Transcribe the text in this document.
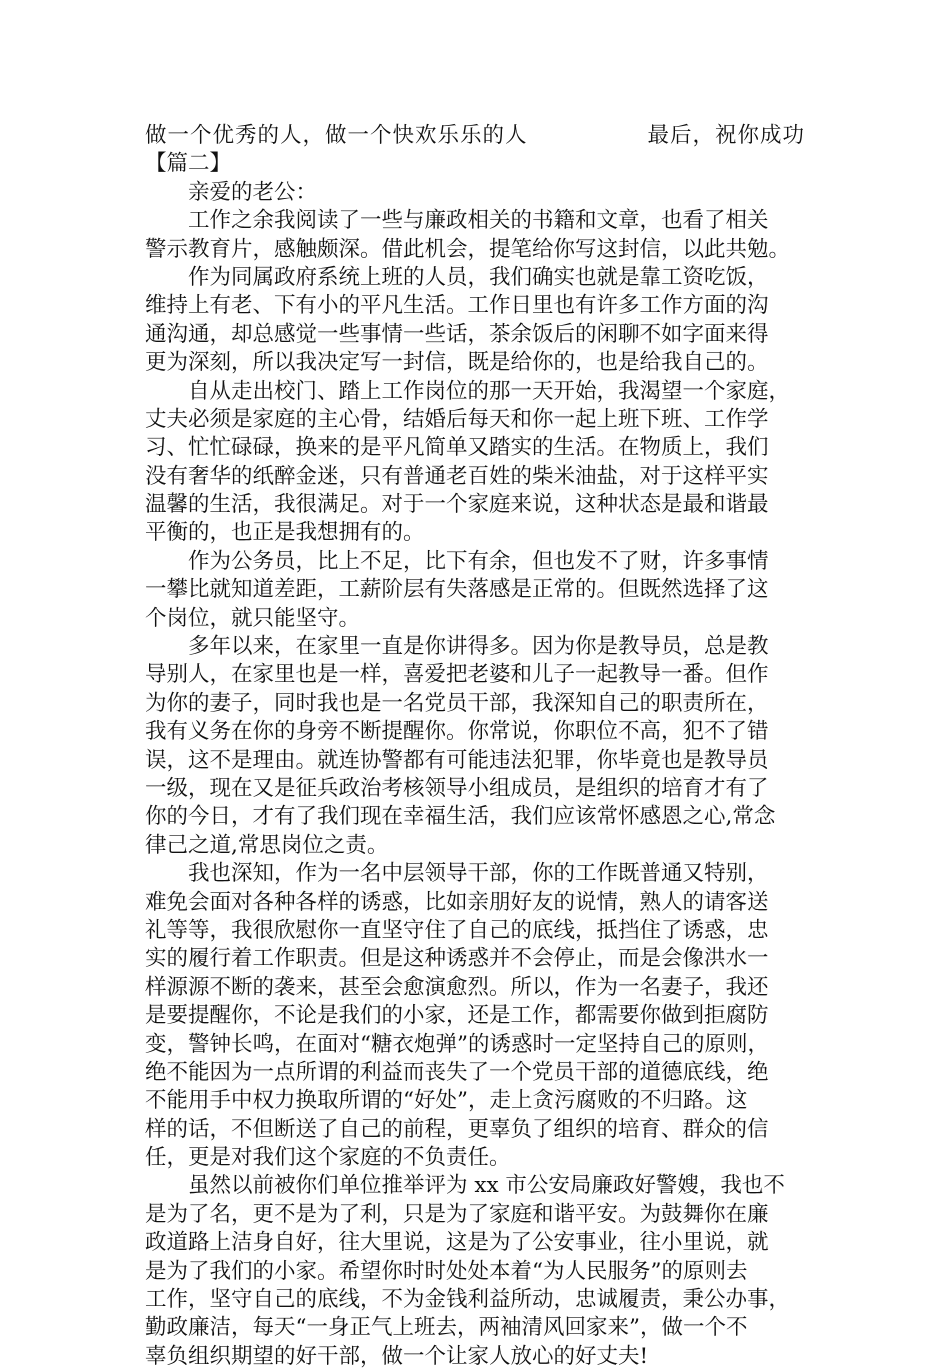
做一个优秀的人，做一个快欢乐乐的人	最后，祝你成功
【篇二】
亲爱的老公：

工作之余我阅读了一些与廉政相关的书籍和文章，也看了相关
警示教育片，感触颇深。借此机会，提笔给你写这封信，以此共勉。

作为同属政府系统上班的人员，我们确实也就是靠工资吃饭，
维持上有老、下有小的平凡生活。工作日里也有许多工作方面的沟
通沟通，却总感觉一些事情一些话，茶余饭后的闲聊不如字面来得
更为深刻，所以我决定写一封信，既是给你的，也是给我自己的。

自从走出校门、踏上工作岗位的那一天开始，我渴望一个家庭，
丈夫必须是家庭的主心骨，结婚后每天和你一起上班下班、工作学
习、忙忙碌碌，换来的是平凡简单又踏实的生活。在物质上，我们
没有奢华的纸醉金迷，只有普通老百姓的柴米油盐，对于这样平实
温馨的生活，我很满足。对于一个家庭来说，这种状态是最和谐最
平衡的，也正是我想拥有的。

作为公务员，比上不足，比下有余，但也发不了财，许多事情
一攀比就知道差距，工薪阶层有失落感是正常的。但既然选择了这
个岗位，就只能坚守。

多年以来，在家里一直是你讲得多。因为你是教导员，总是教
导别人，在家里也是一样，喜爱把老婆和儿子一起教导一番。但作
为你的妻子，同时我也是一名党员干部，我深知自己的职责所在，
我有义务在你的身旁不断提醒你。你常说，你职位不高，犯不了错
误，这不是理由。就连协警都有可能违法犯罪，你毕竟也是教导员
一级，现在又是征兵政治考核领导小组成员，是组织的培育才有了
你的今日，才有了我们现在幸福生活，我们应该常怀感恩之心,常念
律己之道,常思岗位之责。

我也深知，作为一名中层领导干部，你的工作既普通又特别，
难免会面对各种各样的诱惑，比如亲朋好友的说情，熟人的请客送
礼等等，我很欣慰你一直坚守住了自己的底线，抵挡住了诱惑，忠
实的履行着工作职责。但是这种诱惑并不会停止，而是会像洪水一
样源源不断的袭来，甚至会愈演愈烈。所以，作为一名妻子，我还
是要提醒你，不论是我们的小家，还是工作，都需要你做到拒腐防
变，警钟长鸣，在面对“糖衣炮弹”的诱惑时一定坚持自己的原则，
绝不能因为一点所谓的利益而丧失了一个党员干部的道德底线，绝
不能用手中权力换取所谓的“好处”，走上贪污腐败的不归路。这
样的话，不但断送了自己的前程，更辜负了组织的培育、群众的信
任，更是对我们这个家庭的不负责任。

虽然以前被你们单位推举评为 xx 市公安局廉政好警嫂，我也不
是为了名，更不是为了利，只是为了家庭和谐平安。为鼓舞你在廉
政道路上洁身自好，往大里说，这是为了公安事业，往小里说，就
是为了我们的小家。希望你时时处处本着“为人民服务”的原则去
工作，坚守自己的底线，不为金钱利益所动，忠诚履责，秉公办事，
勤政廉洁，每天“一身正气上班去，两袖清风回家来”，做一个不
辜负组织期望的好干部，做一个让家人放心的好丈夫!
